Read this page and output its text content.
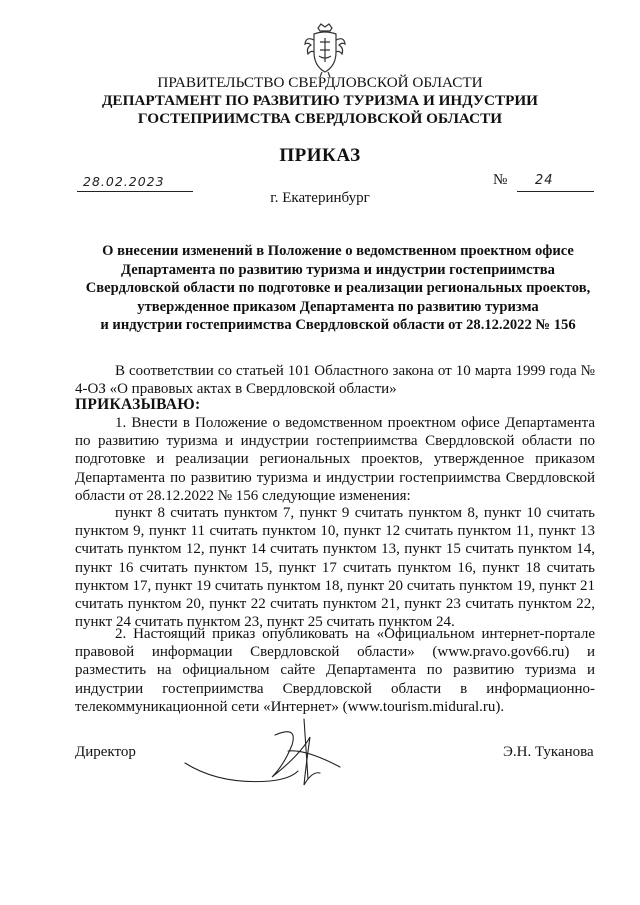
ПРАВИТЕЛЬСТВО СВЕРДЛОВСКОЙ ОБЛАСТИ
ДЕПАРТАМЕНТ ПО РАЗВИТИЮ ТУРИЗМА И ИНДУСТРИИ
ГОСТЕПРИИМСТВА СВЕРДЛОВСКОЙ ОБЛАСТИ
ПРИКАЗ
28.02.2023	№ 24
г. Екатеринбург
О внесении изменений в Положение о ведомственном проектном офисе
Департамента по развитию туризма и индустрии гостеприимства
Свердловской области по подготовке и реализации региональных проектов,
утвержденное приказом Департамента по развитию туризма
и индустрии гостеприимства Свердловской области от 28.12.2022 № 156
В соответствии со статьей 101 Областного закона от 10 марта 1999 года № 4-ОЗ «О правовых актах в Свердловской области»
ПРИКАЗЫВАЮ:
1. Внести в Положение о ведомственном проектном офисе Департамента по развитию туризма и индустрии гостеприимства Свердловской области по подготовке и реализации региональных проектов, утвержденное приказом Департамента по развитию туризма и индустрии гостеприимства Свердловской области от 28.12.2022 № 156 следующие изменения:
пункт 8 считать пунктом 7, пункт 9 считать пунктом 8, пункт 10 считать пунктом 9, пункт 11 считать пунктом 10, пункт 12 считать пунктом 11, пункт 13 считать пунктом 12, пункт 14 считать пунктом 13, пункт 15 считать пунктом 14, пункт 16 считать пунктом 15, пункт 17 считать пунктом 16, пункт 18 считать пунктом 17, пункт 19 считать пунктом 18, пункт 20 считать пунктом 19, пункт 21 считать пунктом 20, пункт 22 считать пунктом 21, пункт 23 считать пунктом 22, пункт 24 считать пунктом 23, пункт 25 считать пунктом 24.
2. Настоящий приказ опубликовать на «Официальном интернет-портале правовой информации Свердловской области» (www.pravo.gov66.ru) и разместить на официальном сайте Департамента по развитию туризма и индустрии гостеприимства Свердловской области в информационно-телекоммуникационной сети «Интернет» (www.tourism.midural.ru).
Директор	Э.Н. Туканова
